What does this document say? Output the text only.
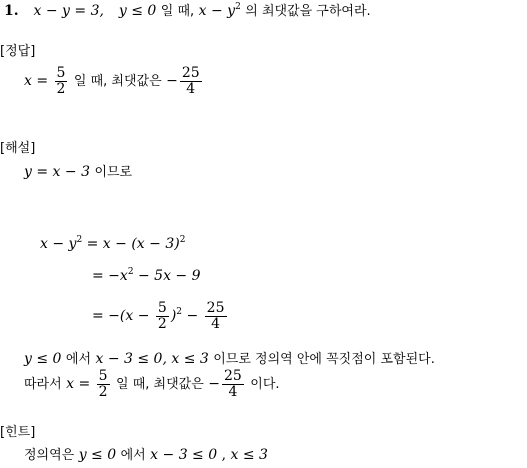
1. x − y = 3, y ≤ 0 일 때, $x - y^2$ 의 최댓값을 구하여라.
[정답]
$x = \frac{5}{2}$ 일 때, 최댓값은 − $\frac{25}{4}$
[해설]
y = x − 3 이므로
$x - y^2 = x - (x - 3)^2$
= $-x^2 - 5x - 9$
= $-(x - \frac{5}{2} )^2 - \frac{25}{4}$
y ≤ 0 에서 x − 3 ≤ 0, x ≤ 3 이므로 정의역 안에 꼭짓점이 포함된다.
따라서 $x = \frac{5}{2}$ 일 때, 최댓값은 − $\frac{25}{4}$ 이다.
[힌트]
정의역은 y ≤ 0 에서 x − 3 ≤ 0 , x ≤ 3
